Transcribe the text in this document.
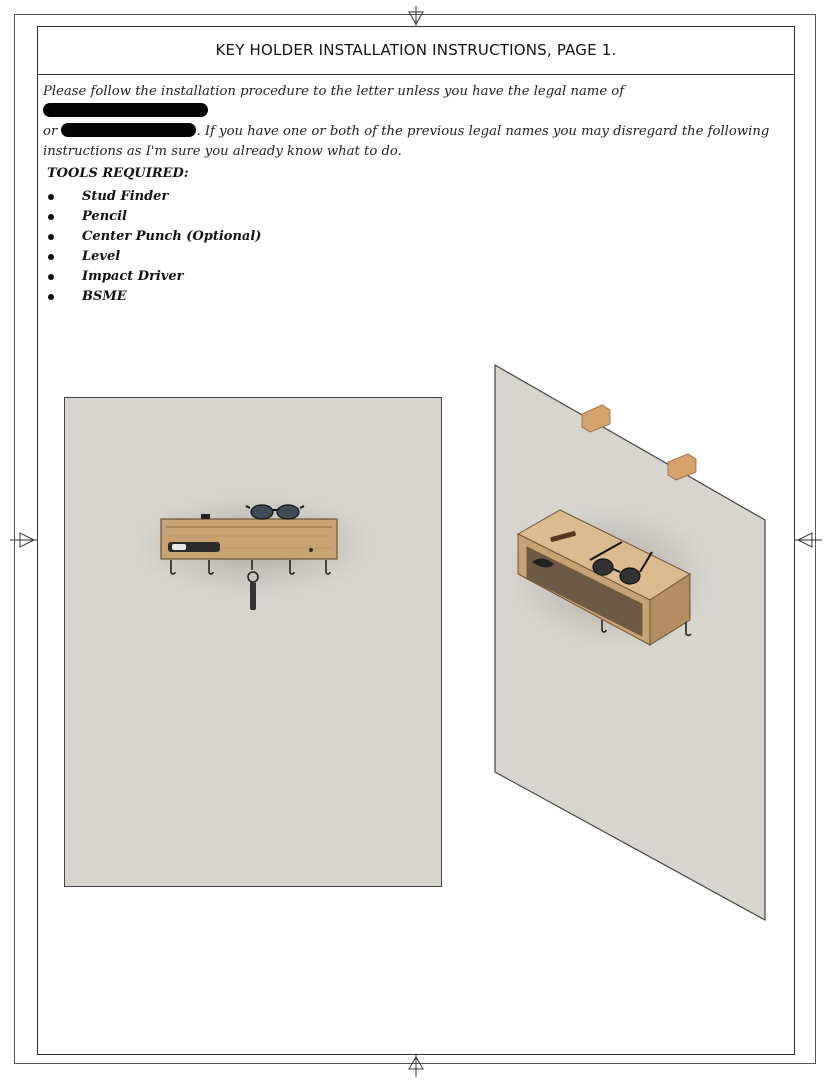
KEY HOLDER INSTALLATION INSTRUCTIONS, PAGE 1.
Please follow the installation procedure to the letter unless you have the legal name of
or	. If you have one or both of the previous legal names you may disregard the following instructions as I'm sure you already know what to do.
TOOLS REQUIRED:
Stud Finder
Pencil
Center Punch (Optional)
Level
Impact Driver
BSME
